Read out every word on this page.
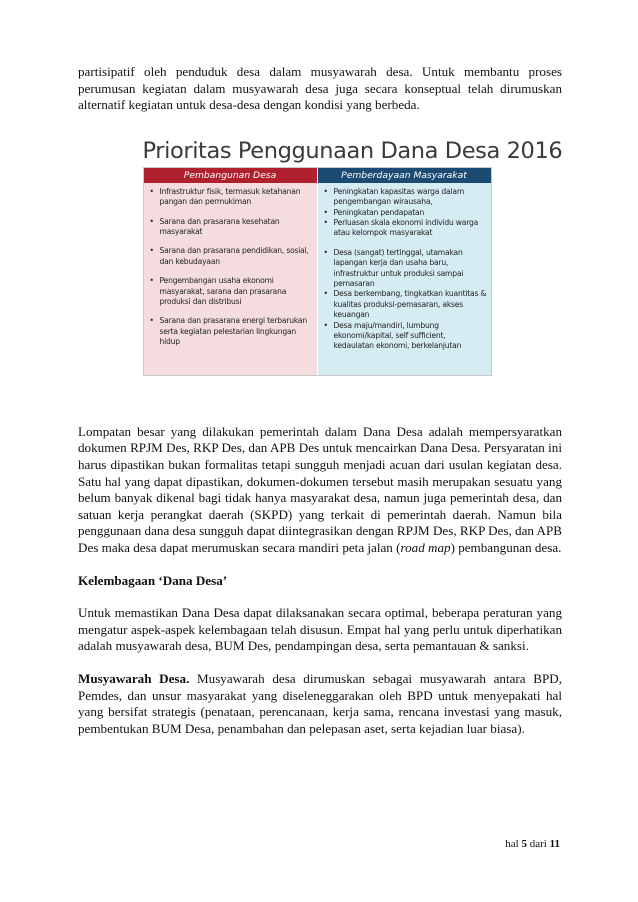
partisipatif oleh penduduk desa dalam musyawarah desa. Untuk membantu proses perumusan kegiatan dalam musyawarah desa juga secara konseptual telah dirumuskan alternatif kegiatan untuk desa-desa dengan kondisi yang berbeda.

Prioritas Penggunaan Dana Desa 2016
Pembangunan Desa
• Infrastruktur fisik, termasuk ketahanan pangan dan permukiman
• Sarana dan prasarana kesehatan masyarakat
• Sarana dan prasarana pendidikan, sosial, dan kebudayaan
• Pengembangan usaha ekonomi masyarakat, sarana dan prasarana produksi dan distribusi
• Sarana dan prasarana energi terbarukan serta kegiatan pelestarian lingkungan hidup
Pemberdayaan Masyarakat
• Peningkatan kapasitas warga dalam pengembangan wirausaha,
• Peningkatan pendapatan
• Perluasan skala ekonomi individu warga atau kelompok masyarakat
• Desa (sangat) tertinggal, utamakan lapangan kerja dan usaha baru, infrastruktur untuk produksi sampai pemasaran
• Desa berkembang, tingkatkan kuantitas & kualitas produksi-pemasaran, akses keuangan
• Desa maju/mandiri, lumbung ekonomi/kapital, self sufficient, kedaulatan ekonomi, berkelanjutan

Lompatan besar yang dilakukan pemerintah dalam Dana Desa adalah mempersyaratkan dokumen RPJM Des, RKP Des, dan APB Des untuk mencairkan Dana Desa. Persyaratan ini harus dipastikan bukan formalitas tetapi sungguh menjadi acuan dari usulan kegiatan desa. Satu hal yang dapat dipastikan, dokumen-dokumen tersebut masih merupakan sesuatu yang belum banyak dikenal bagi tidak hanya masyarakat desa, namun juga pemerintah desa, dan satuan kerja perangkat daerah (SKPD) yang terkait di pemerintah daerah. Namun bila penggunaan dana desa sungguh dapat diintegrasikan dengan RPJM Des, RKP Des, dan APB Des maka desa dapat merumuskan secara mandiri peta jalan (road map) pembangunan desa.

Kelembagaan ‘Dana Desa’

Untuk memastikan Dana Desa dapat dilaksanakan secara optimal, beberapa peraturan yang mengatur aspek-aspek kelembagaan telah disusun. Empat hal yang perlu untuk diperhatikan adalah musyawarah desa, BUM Des, pendampingan desa, serta pemantauan & sanksi.

Musyawarah Desa. Musyawarah desa dirumuskan sebagai musyawarah antara BPD, Pemdes, dan unsur masyarakat yang diseleneggarakan oleh BPD untuk menyepakati hal yang bersifat strategis (penataan, perencanaan, kerja sama, rencana investasi yang masuk, pembentukan BUM Desa, penambahan dan pelepasan aset, serta kejadian luar biasa).

hal 5 dari 11
